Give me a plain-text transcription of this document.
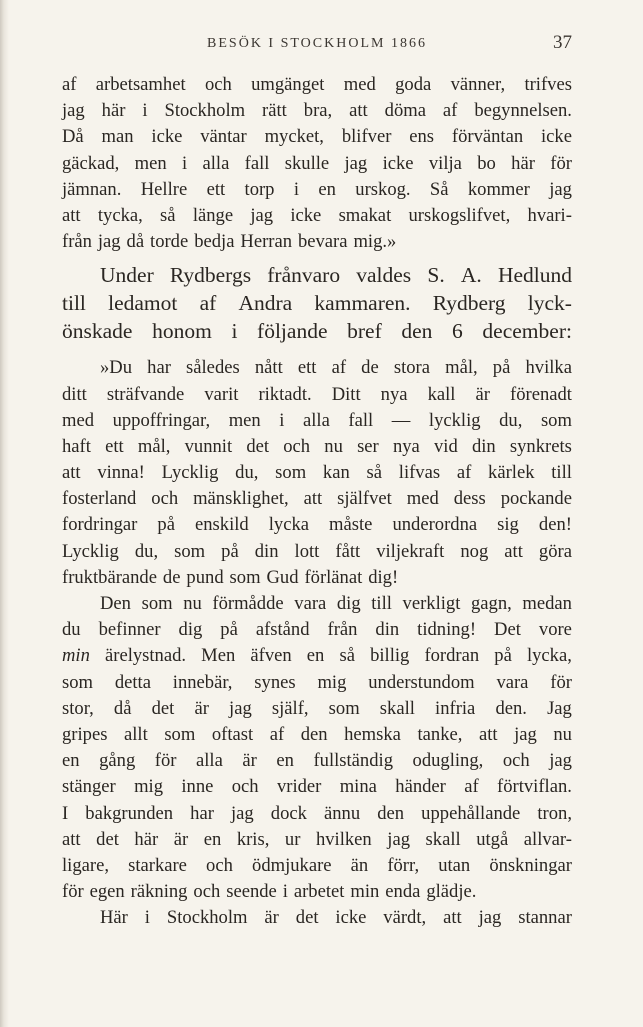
BESÖK I STOCKHOLM 1866	37
af arbetsamhet och umgänget med goda vänner, trifves
jag här i Stockholm rätt bra, att döma af begynnelsen.
Då man icke väntar mycket, blifver ens förväntan icke
gäckad, men i alla fall skulle jag icke vilja bo här för
jämnan. Hellre ett torp i en urskog. Så kommer jag
att tycka, så länge jag icke smakat urskogslifvet, hvari-
från jag då torde bedja Herran bevara mig.»
Under Rydbergs frånvaro valdes S. A. Hedlund
till ledamot af Andra kammaren. Rydberg lyck-
önskade honom i följande bref den 6 december:
»Du har således nått ett af de stora mål, på hvilka
ditt sträfvande varit riktadt. Ditt nya kall är förenadt
med uppoffringar, men i alla fall — lycklig du, som
haft ett mål, vunnit det och nu ser nya vid din synkrets
att vinna! Lycklig du, som kan så lifvas af kärlek till
fosterland och mänsklighet, att själfvet med dess pockande
fordringar på enskild lycka måste underordna sig den!
Lycklig du, som på din lott fått viljekraft nog att göra
fruktbärande de pund som Gud förlänat dig!
Den som nu förmådde vara dig till verkligt gagn, medan
du befinner dig på afstånd från din tidning! Det vore
min ärelystnad. Men äfven en så billig fordran på lycka,
som detta innebär, synes mig understundom vara för
stor, då det är jag själf, som skall infria den. Jag
gripes allt som oftast af den hemska tanke, att jag nu
en gång för alla är en fullständig odugling, och jag
stänger mig inne och vrider mina händer af förtviflan.
I bakgrunden har jag dock ännu den uppehållande tron,
att det här är en kris, ur hvilken jag skall utgå allvar-
ligare, starkare och ödmjukare än förr, utan önskningar
för egen räkning och seende i arbetet min enda glädje.
Här i Stockholm är det icke värdt, att jag stannar
